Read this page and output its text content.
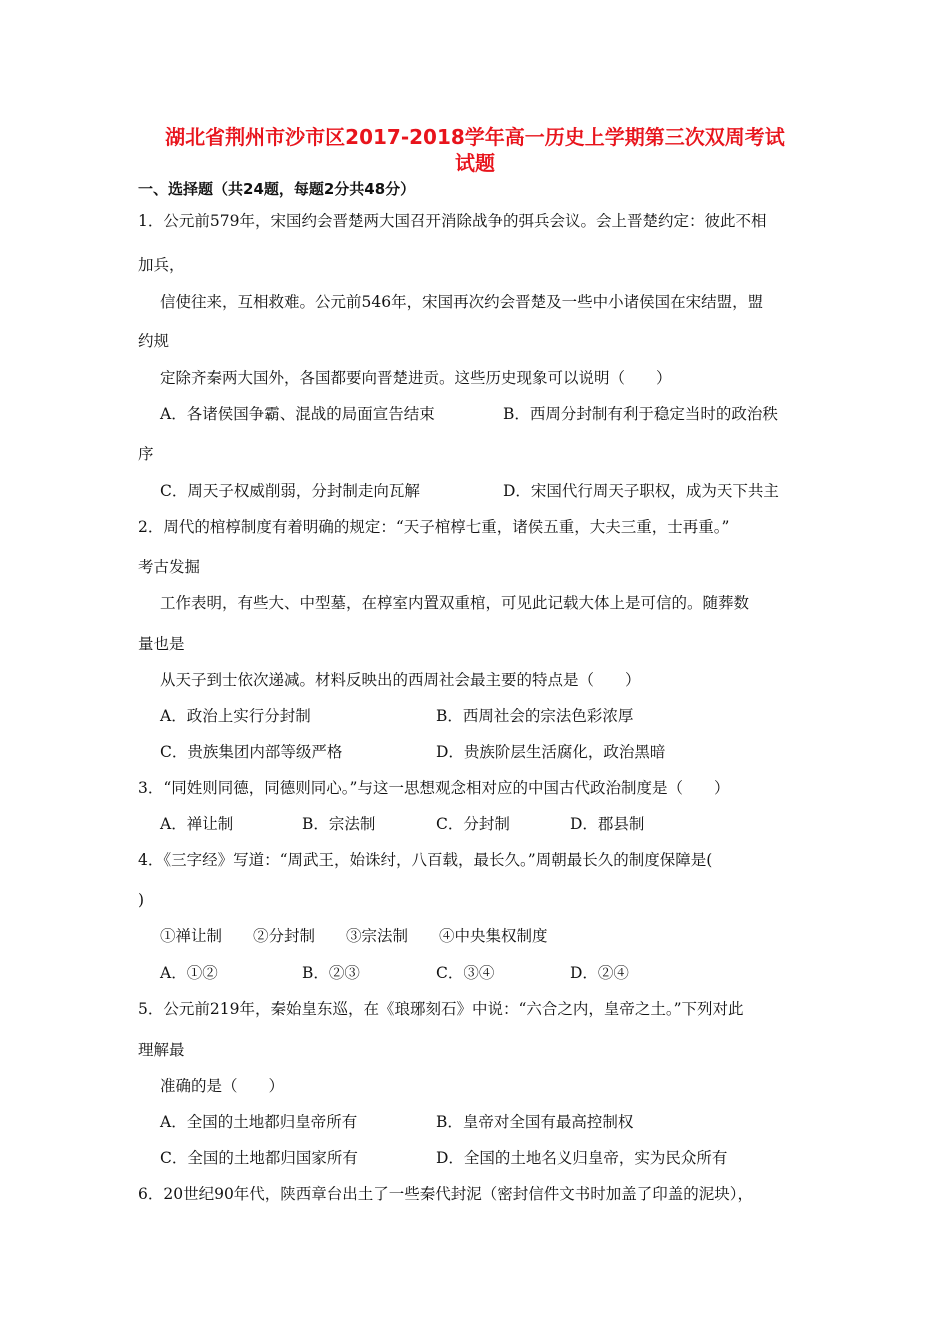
湖北省荆州市沙市区2017-2018学年高一历史上学期第三次双周考试
试题
一、选择题（共24题，每题2分共48分）
1．公元前579年，宋国约会晋楚两大国召开消除战争的弭兵会议。会上晋楚约定：彼此不相
加兵，
信使往来，互相救难。公元前546年，宋国再次约会晋楚及一些中小诸侯国在宋结盟，盟
约规
定除齐秦两大国外，各国都要向晋楚进贡。这些历史现象可以说明（　　）
A．各诸侯国争霸、混战的局面宣告结束	B．西周分封制有利于稳定当时的政治秩
序
C．周天子权威削弱，分封制走向瓦解	D．宋国代行周天子职权，成为天下共主
2．周代的棺椁制度有着明确的规定：“天子棺椁七重，诸侯五重，大夫三重，士再重。”
考古发掘
工作表明，有些大、中型墓，在椁室内置双重棺，可见此记载大体上是可信的。随葬数
量也是
从天子到士依次递减。材料反映出的西周社会最主要的特点是（　　）
A．政治上实行分封制	B．西周社会的宗法色彩浓厚
C．贵族集团内部等级严格	D．贵族阶层生活腐化，政治黑暗
3．“同姓则同德，同德则同心。”与这一思想观念相对应的中国古代政治制度是（　　）
A．禅让制	B．宗法制	C．分封制	D．郡县制
4．《三字经》写道：“周武王，始诛纣，八百载，最长久。”周朝最长久的制度保障是(
)
①禅让制　　②分封制　　③宗法制　　④中央集权制度
A．①②	B．②③	C．③④	D．②④
5．公元前219年，秦始皇东巡，在《琅琊刻石》中说：“六合之内，皇帝之土。”下列对此
理解最
准确的是（　　）
A．全国的土地都归皇帝所有	B．皇帝对全国有最高控制权
C．全国的土地都归国家所有	D．全国的土地名义归皇帝，实为民众所有
6．20世纪90年代，陕西章台出土了一些秦代封泥（密封信件文书时加盖了印盖的泥块），
